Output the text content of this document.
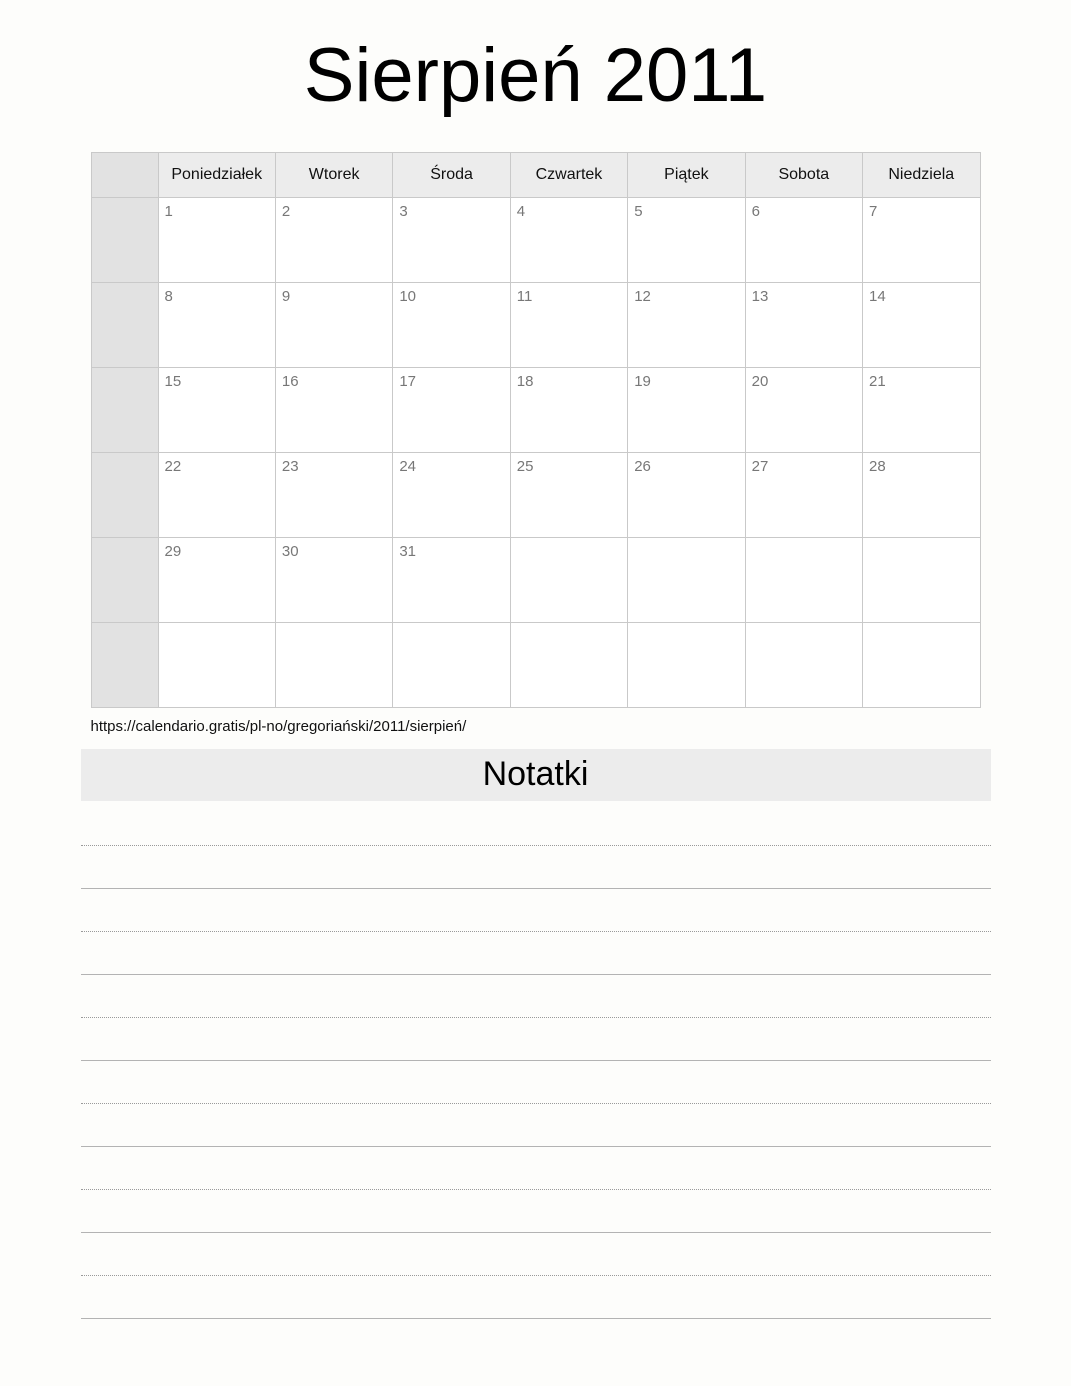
Sierpień 2011
	Poniedziałek	Wtorek	Środa	Czwartek	Piątek	Sobota	Niedziela

	1	2	3	4	5	6	7

	8	9	10	11	12	13	14

	15	16	17	18	19	20	21

	22	23	24	25	26	27	28

	29	30	31				

https://calendario.gratis/pl-no/gregoriański/2011/sierpień/
Notatki
